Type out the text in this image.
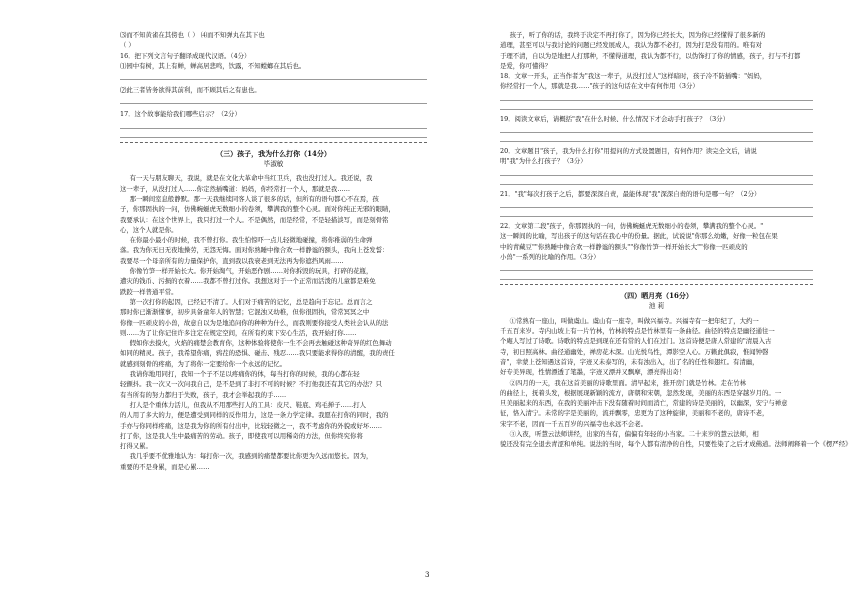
⑶而不知黄雀在其傍也（ ） ⑷而不知弹丸在其下也
（ ）
16．把下列文言句子翻译成现代汉语。（4分）
⑴园中有树，其上有蝉，蝉高居悲鸣，饮露，不知螳螂在其后也。
⑵此三者皆务欲得其前利，而不顾其后之有患也。
17．这个故事能给我们哪些启示？（2分）
（三）孩子，我为什么打你（14分）
毕淑敏
有一天与朋友聊天，我说，就是在文化大革命中当红卫兵，我也没打过人。我还说，我
这一辈子，从没打过人……你定然插嘴道：妈妈，你经常打一个人，那就是我……
那一瞬间室息般静默。那一天我继续同客人谈了很多的话，但所有的语句都心不在焉，孩
子，你那固执的一问，仿佛蜿蜒虎无数细小的卷须，攀满我的整个心灵。面对你纯正无邪的眼睛，
我要承认：在这个世界上，我只打过一个人。不是偶然，而是经常，不是轻描淡写，而是刻骨铭
心，这个人就是你。
在你最小最小的时候，我不曾打你。我生怕惊吓一点儿轻微地碰撞，将你稚弱的生命弹
落。我为你无日无夜地操劳，无怨无悔。面对你熟睡中像合欢一样静谧的额头，我向上苍发誓：
我要尽一个母亲所有的力量保护你，直到我以我衰老到无法再为你遮挡风雨……
你像竹笋一样开始长大。你开始淘气，开始恶作剧……对你拆毁的玩具，打碎的花瓶，
遭灾的钱币、污损的衣着……我都不曾打过你。我想这对于一个正常而活泼的儿童都是难免
跌跤一样普通平常。
第一次打你的起因，已经记不清了。人们对于痛苦的记忆，总是趋向于忘记。总而言之
那时你已渐渐懂事，初步具备童年人的智慧；它混浊又幼稚，但你很固执，常常冥冥之中
你像一匹顽皮的小兽，故意自以为是地追问你的种种为什么，而我则要你接受人类社会认从的法
则……为了让你记住许多注定在规定空间，在所有约束下安心生活，我开始打你……
假如你去摸火，火焰的痛楚会教育你，这种体验将使你一生不会再去触碰这种奇异的红色舞动
如同的精灵。孩子，我希望你痛，鸦茬的恐惧、碰击、残忍……我只要能求得你的清醒，我的责任
就感到刻骨的疼痛，为了将你一定要给你一个永远的记忆。
我请你地用同打，我知一个子不足以疼痛你的体，每当打你的时候，我的心都在轻
轻颤抖。我一次又一次问我自己，是不是到了非打不可的时候？不打他我还有其它的办法？只
有当所有的努力都归于失败，孩子，我才会举起我的手……
打人是个重体力活儿，但我从不用那些打人的工具：皮尺、鞋底、鸡毛掸子……打人
的人用了多大的力，便是遭受到同样的反作用力，这是一条力学定律。我愿在打你的同时，我的
手亦与你同样疼痛，这是我为你的所有付出中，比较轻微之一，我不考虑你的外貌或好坏……
打了你，这是我人生中最痛苦的劳动。孩子，即使我可以用稀奇的方法，但你终究你将
打得又累。
我几乎要不优雅地认为：每打你一次，我感到的痛楚都要比你更为久远而悠长。因为，
重要的不是身累，而是心累……
孩子，听了你的话，我终于决定不再打你了，因为你已经长大，因为你已经懂得了很多新的
道理，甚至可以与我讨论的问题已经发展成人，我认为都不必打，因为打是没有用的。唯有对
于理不清，自以为是地把人打那种，不懂得道理，我认为都不行，以伪饰打了你的情感，孩子，打与不打都
是爱，你可懂得？
18．文章一开头，正当作者为"我这一辈子，从没打过人"这样暗时，孩子冷不防插嘴："妈妈，
你经常打一个人，那就是我……"孩子的这句话在文中有何作用（3分）
19．阅读文章后，请概括"我"在什么时候、什么情况下才会动手打孩子？（3分）
20．文章题目"孩子，我为什么打你"用提问的方式设置题目，有何作用？读完全文后，请说
明"我"为什么打孩子？（3分）
21．"我"每次打孩子之后，都要深深自责，最能体现"我"深深自责的语句是哪一句？（2分）
22．文章第二段"孩子，你那固执的一问，仿佛蜿蜒虎无数细小的卷须，攀满我的整个心灵。"
这一瞬间的比喻，写出孩子的这句话在我心中的份量。据此，试说说"你那么幼嫩，好像一粒包在果
中的青藏豆""你熟睡中像合欢一样静谧的额头""你像竹笋一样开始长大""你像一匹顽皮的
小兽"一系列的比喻的作用。（3分）
（四）晒月亮（16分）
池 莉
①常熟有一座山，叫做虞山。虞山有一座寺，叫做兴福寺。兴福寺有一把年纪了，大约一
千五百来岁。寺内山坡上有一片竹林，竹林的特点是竹林里有一条曲径。曲径的特点是幽径通往一
个庵人写过了诗歌。诗歌的特点是到现在还有常的人们在过门。这首诗便是唐人常建的"清晨入古
寺，初日照高林。曲径通幽处，禅房花木深。山光悦鸟性，潭影空人心。万籁此俱寂，惟闻钟磬
音"，幸蒙上苍知遇这首诗，字迹又未泰写的，未有浊出入，出了名的任性和翅红。有清幽，
好专美异现，性情漂透了笔墨，字迹又漂并又飘摩，漂亮得出奇！
②四月的一天，我在这首美丽的诗歌里面。清早起来，推开房门就是竹林。走在竹林
的曲径上，抚着头发，根据展现新颖的流方，唐朝和宋朝，忽然发现，美丽的东西是穿越岁月的。一
旦美丽起来的东西，在我的美丽冲击下没有随着时间而消亡，常建的诗是美丽的，以幽深，安宁与禅意
征，恪入清宁。未常的字是美丽的，流并飘零，忠更为了这种旋律，美丽和不老的，唐诗不老，
宋字不老，因而一千五百岁的兴福寺也永远不会老。
③入夜，听慧云法师讲经，出家的当有，偏偏有年轻的小当家。二十来岁的慧云法师，相
貌还没有完全退去青涩和单纯。说法的当时，每个人都有清净的自性，只要性染了之后才成佛道。法师阐释着一个《楞严经》
3
